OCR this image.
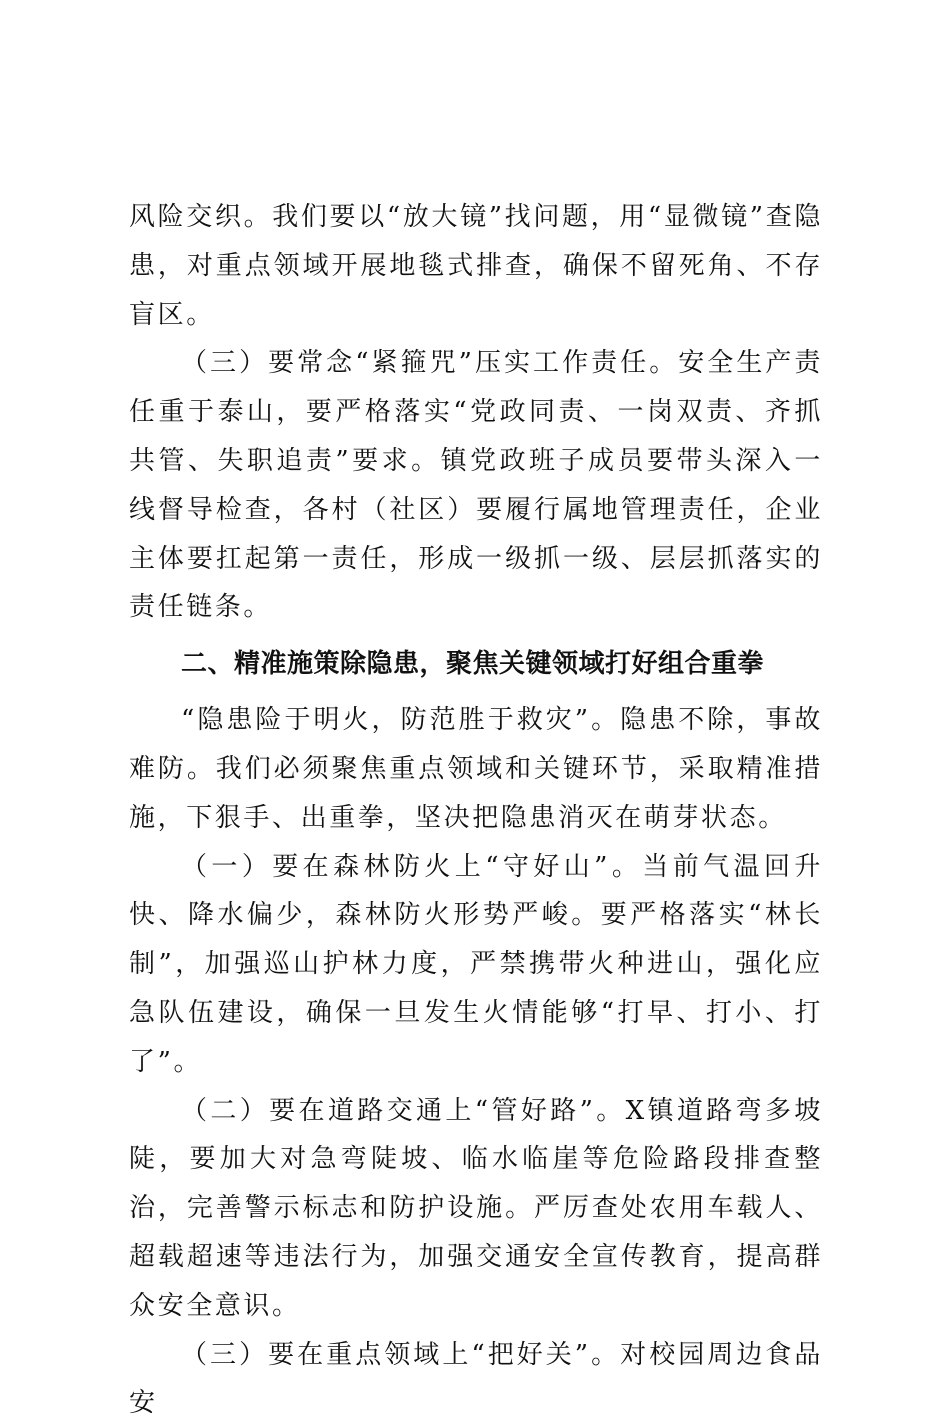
风险交织。我们要以“放大镜”找问题，用“显微镜”查隐患，对重点领域开展地毯式排查，确保不留死角、不存盲区。

（三）要常念“紧箍咒”压实工作责任。安全生产责任重于泰山，要严格落实“党政同责、一岗双责、齐抓共管、失职追责”要求。镇党政班子成员要带头深入一线督导检查，各村（社区）要履行属地管理责任，企业主体要扛起第一责任，形成一级抓一级、层层抓落实的责任链条。

二、精准施策除隐患，聚焦关键领域打好组合重拳

“隐患险于明火，防范胜于救灾”。隐患不除，事故难防。我们必须聚焦重点领域和关键环节，采取精准措施，下狠手、出重拳，坚决把隐患消灭在萌芽状态。

（一）要在森林防火上“守好山”。当前气温回升快、降水偏少，森林防火形势严峻。要严格落实“林长制”，加强巡山护林力度，严禁携带火种进山，强化应急队伍建设，确保一旦发生火情能够“打早、打小、打了”。

（二）要在道路交通上“管好路”。X镇道路弯多坡陡，要加大对急弯陡坡、临水临崖等危险路段排查整治，完善警示标志和防护设施。严厉查处农用车载人、超载超速等违法行为，加强交通安全宣传教育，提高群众安全意识。

（三）要在重点领域上“把好关”。对校园周边食品安
